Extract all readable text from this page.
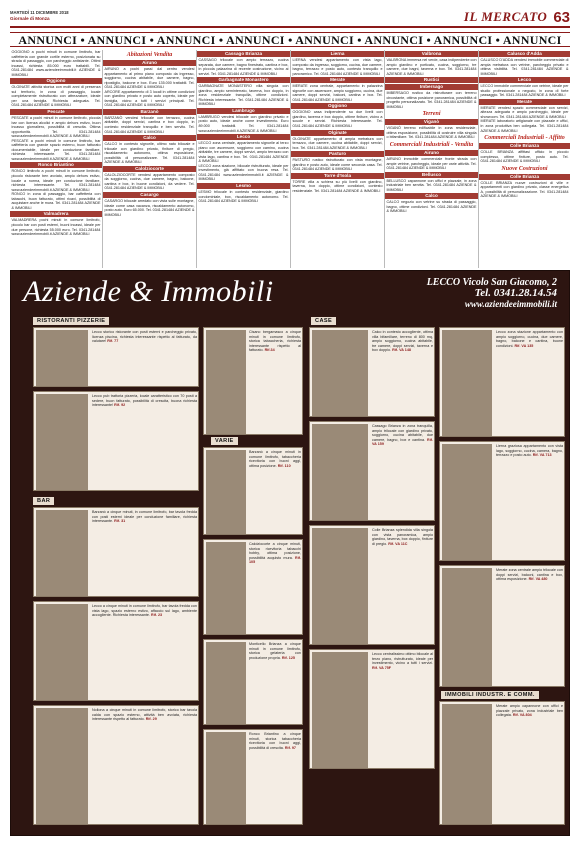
MARTEDÌ 11 DICEMBRE 2018
Giornale di Monza	IL MERCATO 63
ANNUNCI • ANNUNCI • ANNUNCI • ANNUNCI • ANNUNCI • ANNUNCI • ANNUNCI • ANNUNCI
OGGIONO a pochi minuti in comune limitrofo, bar caffetteria con grande cortile esterno, posizionata su strada di passaggio, con parcheggio antistante. Ottimi incassi, richiesta 85.000 euro trattabili. Tel. 0341.281484 www.aziendeeimmobili.it AZIENDE & IMMOBILI
Oggiono
OLGINATE attività storica con molti anni di presenza sul territorio, in zona di passaggio, locale completamente ristrutturato con attrezzature, ideale per una famiglia. Richiesta adeguata. Tel. 0341.281484 AZIENDE & IMMOBILI
Pescate
PESCATE a pochi minuti in comune limitrofo, piccola bar con licenza alcolici e ampio dehors estivo, buon incasso giornaliero, possibilità di crescita. Ottima opportunità. Tel. 0341.281484 www.aziendeeimmobili.it AZIENDE & IMMOBILI
PESCATE a pochi minuti in comune limitrofo, bar caffetteria con grande spazio esterno, buon fatturato documentabile, ideale per conduzione familiare, richiesta interessante. Tel. 0341.281484 www.aziendeeimmobili.it AZIENDE & IMMOBILI
Ronco Briantino
RONCO limitrofo a pochi minuti in comune limitrofo, piccolo ristorante ben avviato, ampio dehors estivo, locale a norma, ideale per conduzione familiare, richiesta interessante. Tel. 0341.281484 www.aziendeeimmobili.it AZIENDE & IMMOBILI
RONCO in zona di passaggio, bar caffetteria con tabacchi, buon fatturato, ottimi ricavi, possibilità di acquistare anche le mura. Tel. 0341.281484 AZIENDE & IMMOBILI
Valmadrera
VALMADRERA pochi minuti in comune limitrofo, piccolo bar con posti esterni, buoni incassi, ideale per due persone, richiesta 55.000 euro. Tel. 0341.281484 www.aziendeeimmobili.it AZIENDE & IMMOBILI
Abitazioni Vendita
Airuno
AIRUNO a pochi passi dal centro vendesi appartamento al primo piano composto da ingresso, soggiorno, cucina abitabile, due camere, bagno, ripostiglio, balcone e box. Euro 135.000 trattabili. Tel. 0341.281484 AZIENDE & IMMOBILI
ARCORE appartamento di 3 locali in ottime condizioni con giardino privato e posto auto coperto, ideale per famiglia, vicino a tutti i servizi principali. Tel. 0341.281484 AZIENDE & IMMOBILI
Barzanò
BARZANÒ vendesi trilocale con terrazzo, cucina abitabile, doppi servizi, cantina e box doppio, in contesto residenziale tranquillo e ben servito. Tel. 0341.281484 AZIENDE & IMMOBILI
Calco
CALCO in contesto signorile, ultimo nato bilocale e trilocale con giardino privato, finiture di pregio, riscaldamento autonomo, ottima esposizione, possibilità di personalizzare. Tel. 0341.281484 AZIENDE & IMMOBILI
Calolziocorte
CALOLZIOCORTE vendesi appartamento composto da soggiorno, cucina, due camere, bagno, balcone, cantina e box, in buone condizioni, da vedere. Tel. 0341.281484 AZIENDE & IMMOBILI
Casargo
CASARGO bilocale arredato con vista sulle montagne, ideale come casa vacanza, riscaldamento autonomo, posto auto. Euro 65.000. Tel. 0341.281484 AZIENDE & IMMOBILI
Cassago Brianza
CASSAGO trilocale con ampio terrazzo, cucina separata, due camere, bagno finestrato, cantina e box, in piccola palazzina di recente costruzione, vicino ai servizi. Tel. 0341.281484 AZIENDE & IMMOBILI
Garbagnate Monastero
GARBAGNATE MONASTERO villa singola con giardino, ampio seminterrato, taverna, box doppio, in zona residenziale tranquilla, ottime condizioni. Richiesta interessante. Tel. 0341.281484 AZIENDE & IMMOBILI
Lambrugo
LAMBRUGO vendesi bilocale con giardino privato e posto auto, ideale anche come investimento. Euro 89.000 trattabili. Tel. 0341.281484 www.aziendeeimmobili.it AZIENDE & IMMOBILI
Lecco
LECCO zona centrale, appartamento signorile al terzo piano con ascensore, soggiorno con camino, cucina abitabile, tre camere, doppi servizi, ampio terrazzo con vista lago, cantina e box. Tel. 0341.281484 AZIENDE & IMMOBILI
LECCO zona stazione, bilocale ristrutturato, ideale per investimento, già affittato con buona resa. Tel. 0341.281484 www.aziendeeimmobili.it AZIENDE & IMMOBILI
Lesmo
LESMO trilocale in contesto residenziale, giardino condominiale, box, riscaldamento autonomo. Tel. 0341.281484 AZIENDE & IMMOBILI
Lierna
LIERNA vendesi appartamento con vista lago, composto da ingresso, soggiorno, cucina, due camere, bagno, terrazzo e posto auto, contesto tranquillo e panoramico. Tel. 0341.281484 AZIENDE & IMMOBILI
Merate
MERATE zona centrale, appartamento in palazzina signorile con ascensore, ampio soggiorno, cucina, due camere, doppi servizi, balconi, cantina e box. Tel. 0341.281484 AZIENDE & IMMOBILI
Oggiono
OGGIONO casa indipendente su due livelli con giardino, taverna e box doppio, ottime finiture, vicino a scuole e servizi. Richiesta interessante. Tel. 0341.281484 AZIENDE & IMMOBILI
Olginate
OLGINATE appartamento di ampia metratura con terrazzo, due camere, cucina abitabile, doppi servizi, box. Tel. 0341.281484 AZIENDE & IMMOBILI
Pasturo
PASTURO rustico ristrutturato con vista montagne, giardino e posto auto, ideale come seconda casa. Tel. 0341.281484 AZIENDE & IMMOBILI
Torre d'Isola
TORRE villa a schiera su più livelli con giardino, taverna, box doppio, ottime condizioni, contesto residenziale. Tel. 0341.281484 AZIENDE & IMMOBILI
Valbrona
VALBRONA immersa nel verde, casa indipendente con ampio giardino e porticato, cucina, soggiorno, tre camere, due bagni, taverna e box. Tel. 0341.281484 AZIENDE & IMMOBILI
Rustici
Imbersago
IMBERSAGO rustico da ristrutturare con terreno circostante, ottima posizione panoramica, possibilità di progetto personalizzato. Tel. 0341.281484 AZIENDE & IMMOBILI
Terreni
Viganò
VIGANÒ terreno edificabile in zona residenziale, ottima esposizione, possibilità di costruire villa singola o bifamiliare. Tel. 0341.281484 AZIENDE & IMMOBILI
Commerciali Industriali - Vendita
Airuno
AIRUNO immobile commerciale fronte strada con ampie vetrine, parcheggio, ideale per varie attività. Tel. 0341.281484 AZIENDE & IMMOBILI
Bellusco
BELLUSCO capannone con uffici e piazzale, in zona industriale ben servita. Tel. 0341.281484 AZIENDE & IMMOBILI
Calco
CALCO negozio con vetrine su strada di passaggio, bagno, ottime condizioni. Tel. 0341.281484 AZIENDE & IMMOBILI
Calusco d'Adda
CALUSCO D'ADDA vendesi immobile commerciale di ampia metratura con vetrine, parcheggio privato e ottima visibilità. Tel. 0341.281484 AZIENDE & IMMOBILI
Lecco
LECCO immobile commerciale con vetrine, ideale per studio professionale o negozio, in zona di forte passaggio. Tel. 0341.281484 AZIENDE & IMMOBILI
Merate
MERATE vendesi spazio commerciale con servizi, altezza adeguata e ampio parcheggio, ideale per showroom. Tel. 0341.281484 AZIENDE & IMMOBILI
MERATE laboratorio artigianale con piazzale e uffici, in zona produttiva ben collegata. Tel. 0341.281484 AZIENDE & IMMOBILI
Commerciali Industriali - Affitto
Colle Brianza
COLLE BRIANZA affittasi ufficio in piccolo complesso, ottime finiture, posto auto. Tel. 0341.281484 AZIENDE & IMMOBILI
Nuove Costruzioni
Colle Brianza
COLLE BRIANZA nuove costruzioni di ville e appartamenti con giardino privato, classe energetica A, possibilità di personalizzazione. Tel. 0341.281484 AZIENDE & IMMOBILI
Aziende & Immobili	LECCO Vicolo San Giacomo, 2
Tel. 0341.28.14.54
www.aziendeeimmobili.it
RISTORANTI PIZZERIE
BAR
CASE
VARIE
IMMOBILI INDUSTR. E COMM.
Lecco storico ristorante con posti esterni e parcheggio privato, licenza piscina, richiesta interessante rispetto al fatturato, da valutare! Rif. 77
Lecco pub trattoria pizzeria, locale caratteristico con 70 posti a sedere, buon fatturato, possibilità di crescita, buona richiesta interessante! Rif. 92
Barzanò a cinque minuti, in comune limitrofo, bar tavola fredda con posti esterni ideale per conduzione familiare, richiesta interessante. Rif. 31
Lecco a cinque minuti in comune limitrofo, bar tavola fredda con vista lago, spazio esterno estivo, affaccio sul lago, ambiente accogliente. Richiesta interessante. Rif. 23
Nollona a cinque minuti in comune limitrofo, storico bar tavola calda con spazio esterno, attività ben avviata, richiesta interessante rispetto al fatturato. Rif. 29
Cisano bergamasco a cinque minuti in comune limitrofo, storica tabaccheria, richiesta interessante rispetto al fatturato. Rif.34
Barzanò a cinque minuti in comune limitrofo, tabaccheria ricevitoria con buoni aggi, ottima posizione. Rif. 110
Calolziocorte a cinque minuti, storica ricevitoria tabacchi hobby, ottima posizione, possibilità acquisto mura. Rif. 105
Monticello Brianza a cinque minuti in comune limitrofo, storica gelateria con produzione propria. Rif. 125
Ronco Briantino a cinque minuti, storica tabaccheria ricevitoria con buoni aggi, possibilità di crescita. Rif. 97
Calco in contesto accogliente, ottima villa bifamiliare, terreno di 800 mq, ampio soggiorno, cucina abitabile, tre camere, doppi servizi, taverna e box doppio. Rif. VA 148
Cassago Brianza in zona tranquilla, ampio trilocale con giardino privato, soggiorno, cucina abitabile, due camere, bagno, box e cantina. Rif. VA 159
Colle Brianza splendida villa singola con vista panoramica, ampio giardino, taverna, box doppio, finiture di pregio. Rif. VA 11C
Lecco centralissimo ottimo bilocale al terzo piano, ristrutturato, ideale per investimento, vicino a tutti i servizi. Rif. VA 75F
Lecco zona stazione appartamento con ampio soggiorno, cucina, due camere, bagno, balcone e cantina, buone condizioni. Rif. VA 135
Lierna graziosa appartamento con vista lago, soggiorno, cucina, camera, bagno, terrazzo e posto auto. Rif. VA 713
Merate zona centrale ampio trilocale con doppi servizi, balconi, cantina e box, ottima esposizione. Rif. VA 480
Merate ampio capannone con uffici e piazzale privato, zona industriale ben collegata. Rif. VA 804
